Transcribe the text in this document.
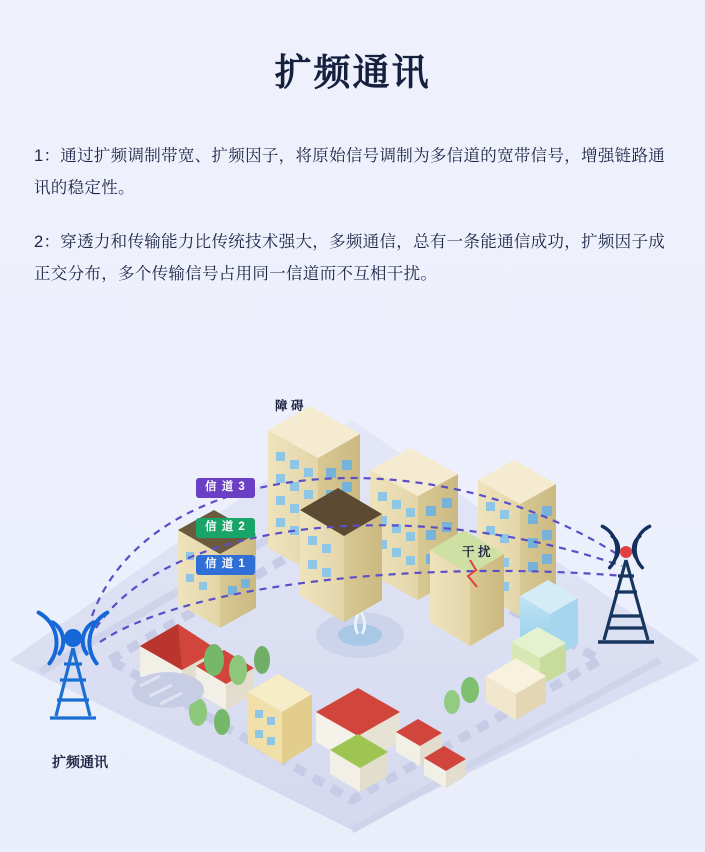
扩频通讯
1：通过扩频调制带宽、扩频因子，将原始信号调制为多信道的宽带信号，增强链路通讯的稳定性。
2：穿透力和传输能力比传统技术强大，多频通信，总有一条能通信成功，扩频因子成正交分布，多个传输信号占用同一信道而不互相干扰。
信 道 3
信 道 2
信 道 1
障 碍
干 扰
扩频通讯
